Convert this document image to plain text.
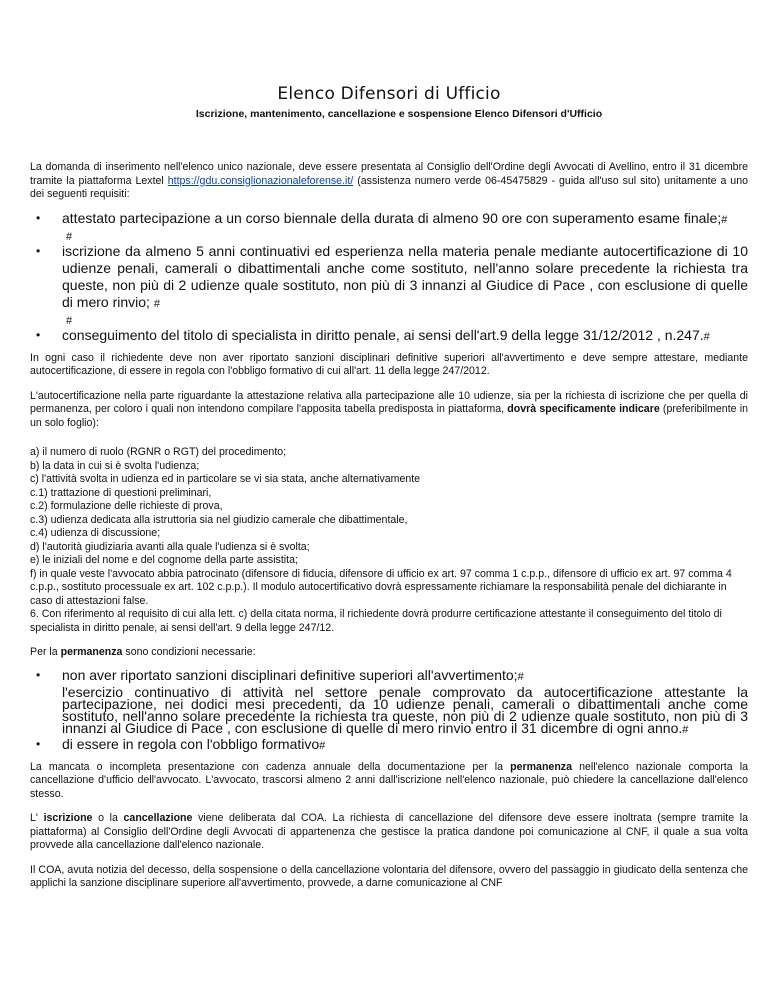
Elenco Difensori di Ufficio
Iscrizione, mantenimento, cancellazione e sospensione Elenco Difensori d'Ufficio

La domanda di inserimento nell'elenco unico nazionale, deve essere presentata al Consiglio dell'Ordine degli Avvocati di Avellino, entro il 31 dicembre tramite la piattaforma Lextel https://gdu.consiglionazionaleforense.it/ (assistenza numero verde 06-45475829 - guida all'uso sul sito) unitamente a uno dei seguenti requisiti:

• attestato partecipazione a un corso biennale della durata di almeno 90 ore con superamento esame finale;#
#
• iscrizione da almeno 5 anni continuativi ed esperienza nella materia penale mediante autocertificazione di 10 udienze penali, camerali o dibattimentali anche come sostituto, nell'anno solare precedente la richiesta tra queste, non più di 2 udienze quale sostituto, non più di 3 innanzi al Giudice di Pace , con esclusione di quelle di mero rinvio; #
#
• conseguimento del titolo di specialista in diritto penale, ai sensi dell'art.9 della legge 31/12/2012 , n.247.#

In ogni caso il richiedente deve non aver riportato sanzioni disciplinari definitive superiori all'avvertimento e deve sempre attestare, mediante autocertificazione, di essere in regola con l'obbligo formativo di cui all'art. 11 della legge 247/2012.

L'autocertificazione nella parte riguardante la attestazione relativa alla partecipazione alle 10 udienze, sia per la richiesta di iscrizione che per quella di permanenza, per coloro i quali non intendono compilare l'apposita tabella predisposta in piattaforma, dovrà specificamente indicare (preferibilmente in un solo foglio):

a) il numero di ruolo (RGNR o RGT) del procedimento;

b) la data in cui si è svolta l'udienza;

c) l'attività svolta in udienza ed in particolare se vi sia stata, anche alternativamente

c.1) trattazione di questioni preliminari,

c.2) formulazione delle richieste di prova,

c.3) udienza dedicata alla istruttoria sia nel giudizio camerale che dibattimentale,

c.4) udienza di discussione;

d) l'autorità giudiziaria avanti alla quale l'udienza si è svolta;

e) le iniziali del nome e del cognome della parte assistita;

f) in quale veste l'avvocato abbia patrocinato (difensore di fiducia, difensore di ufficio ex art. 97 comma 1 c.p.p., difensore di ufficio ex art. 97 comma 4 c.p.p., sostituto processuale ex art. 102 c.p.p.). Il modulo autocertificativo dovrà espressamente richiamare la responsabilità penale del dichiarante in caso di attestazioni false.

6. Con riferimento al requisito di cui alla lett. c) della citata norma, il richiedente dovrà produrre certificazione attestante il conseguimento del titolo di specialista in diritto penale, ai sensi dell'art. 9 della legge 247/12.

Per la permanenza sono condizioni necessarie:

• non aver riportato sanzioni disciplinari definitive superiori all'avvertimento;#
l'esercizio continuativo di attività nel settore penale comprovato da autocertificazione attestante la partecipazione, nei dodici mesi precedenti, da 10 udienze penali, camerali o dibattimentali anche come sostituto, nell'anno solare precedente la richiesta tra queste, non più di 2 udienze quale sostituto, non più di 3 innanzi al Giudice di Pace , con esclusione di quelle di mero rinvio entro il 31 dicembre di ogni anno.#
• di essere in regola con l'obbligo formativo#

La mancata o incompleta presentazione con cadenza annuale della documentazione per la permanenza nell'elenco nazionale comporta la cancellazione d'ufficio dell'avvocato. L'avvocato, trascorsi almeno 2 anni dall'iscrizione nell'elenco nazionale, può chiedere la cancellazione dall'elenco stesso.

L' iscrizione o la cancellazione viene deliberata dal COA. La richiesta di cancellazione del difensore deve essere inoltrata (sempre tramite la piattaforma) al Consiglio dell'Ordine degli Avvocati di appartenenza che gestisce la pratica dandone poi comunicazione al CNF, il quale a sua volta provvede alla cancellazione dall'elenco nazionale.

Il COA, avuta notizia del decesso, della sospensione o della cancellazione volontaria del difensore, ovvero del passaggio in giudicato della sentenza che applichi la sanzione disciplinare superiore all'avvertimento, provvede, a darne comunicazione al CNF
